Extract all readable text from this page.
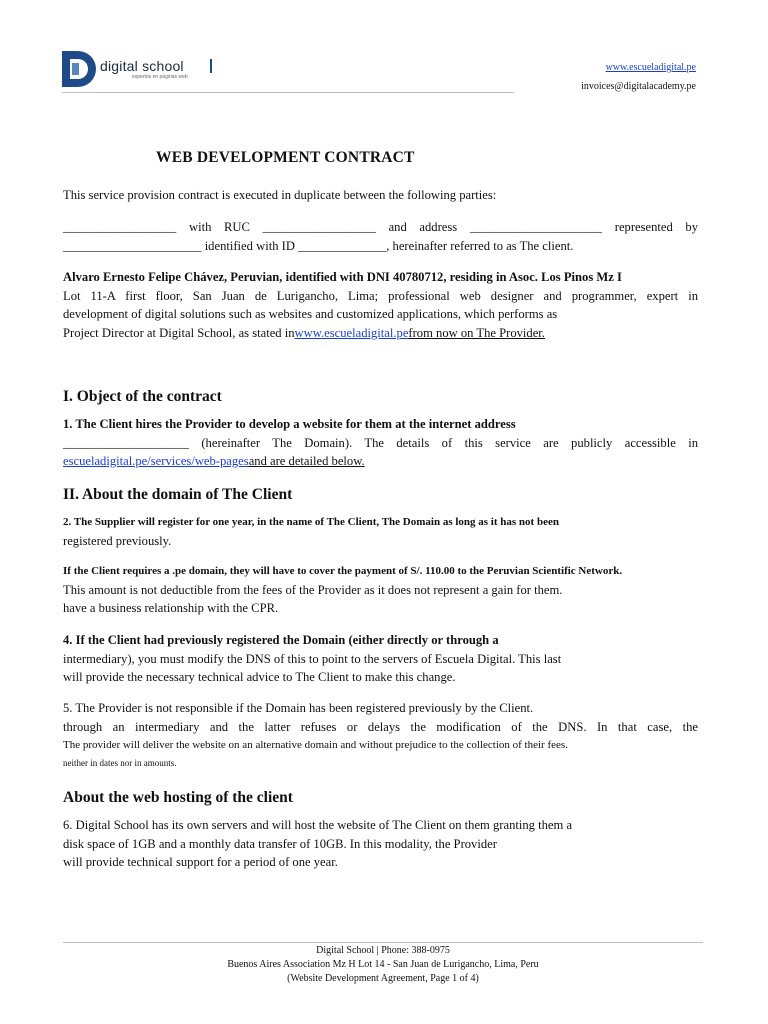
digital school
expertos en páginas web
www.escueladigital.pe
invoices@digitalacademy.pe
WEB DEVELOPMENT CONTRACT
This service provision contract is executed in duplicate between the following parties:
__________________ with RUC __________________ and address _____________________ represented by
______________________ identified with ID ______________, hereinafter referred to as The client.
Alvaro Ernesto Felipe Chávez, Peruvian, identified with DNI 40780712, residing in Asoc. Los Pinos Mz I
Lot 11-A first floor, San Juan de Lurigancho, Lima; professional web designer and programmer, expert in
development of digital solutions such as websites and customized applications, which performs as
Project Director at Digital School, as stated inwww.escueladigital.pefrom now on The Provider.
I. Object of the contract
1. The Client hires the Provider to develop a website for them at the internet address
____________________ (hereinafter The Domain). The details of this service are publicly accessible in
escueladigital.pe/services/web-pagesand are detailed below.
II. About the domain of The Client
2. The Supplier will register for one year, in the name of The Client, The Domain as long as it has not been
registered previously.
If the Client requires a .pe domain, they will have to cover the payment of S/. 110.00 to the Peruvian Scientific Network.
This amount is not deductible from the fees of the Provider as it does not represent a gain for them.
have a business relationship with the CPR.
4. If the Client had previously registered the Domain (either directly or through a
intermediary), you must modify the DNS of this to point to the servers of Escuela Digital. This last
will provide the necessary technical advice to The Client to make this change.
5. The Provider is not responsible if the Domain has been registered previously by the Client.
through an intermediary and the latter refuses or delays the modification of the DNS. In that case, the
The provider will deliver the website on an alternative domain and without prejudice to the collection of their fees.
neither in dates nor in amounts.
About the web hosting of the client
6. Digital School has its own servers and will host the website of The Client on them granting them a
disk space of 1GB and a monthly data transfer of 10GB. In this modality, the Provider
will provide technical support for a period of one year.
Digital School | Phone: 388-0975
Buenos Aires Association Mz H Lot 14 - San Juan de Lurigancho, Lima, Peru
(Website Development Agreement, Page 1 of 4)
